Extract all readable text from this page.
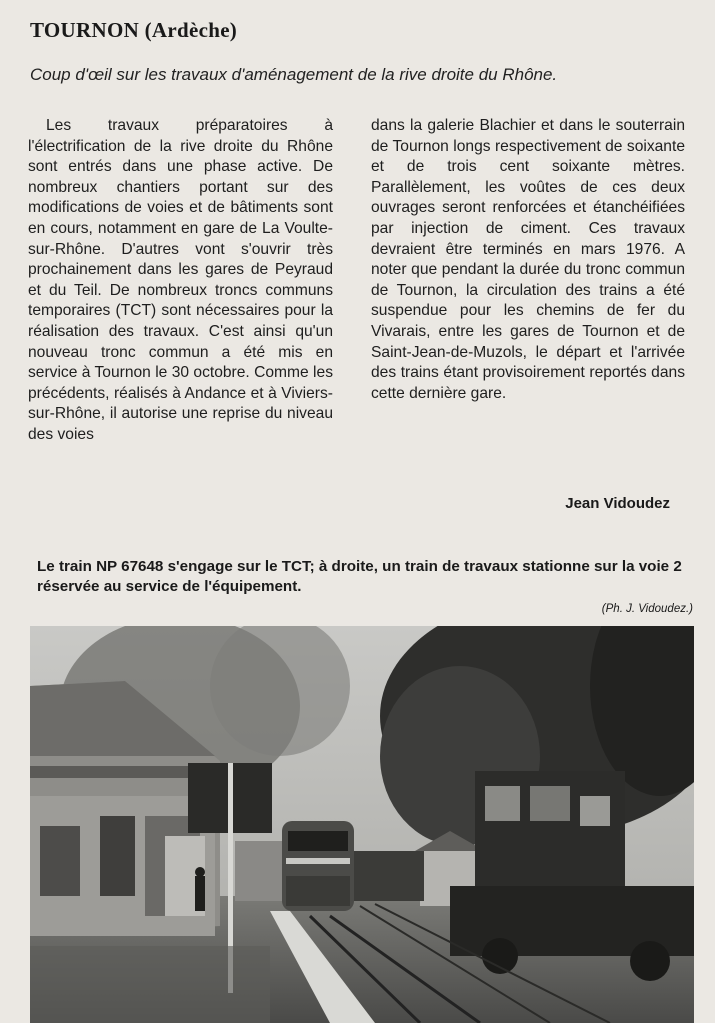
TOURNON (Ardèche)

Coup d'œil sur les travaux d'aménagement de la rive droite du Rhône.

Les travaux préparatoires à l'électrification de la rive droite du Rhône sont entrés dans une phase active. De nombreux chantiers portant sur des modifications de voies et de bâtiments sont en cours, notamment en gare de La Voulte-sur-Rhône. D'autres vont s'ouvrir très prochainement dans les gares de Peyraud et du Teil. De nombreux troncs communs temporaires (TCT) sont nécessaires pour la réalisation des travaux. C'est ainsi qu'un nouveau tronc commun a été mis en service à Tournon le 30 octobre. Comme les précédents, réalisés à Andance et à Viviers-sur-Rhône, il autorise une reprise du niveau des voies
dans la galerie Blachier et dans le souterrain de Tournon longs respectivement de soixante et de trois cent soixante mètres. Parallèlement, les voûtes de ces deux ouvrages seront renforcées et étanchéifiées par injection de ciment. Ces travaux devraient être terminés en mars 1976. A noter que pendant la durée du tronc commun de Tournon, la circulation des trains a été suspendue pour les chemins de fer du Vivarais, entre les gares de Tournon et de Saint-Jean-de-Muzols, le départ et l'arrivée des trains étant provisoirement reportés dans cette dernière gare.
Jean Vidoudez

Le train NP 67648 s'engage sur le TCT; à droite, un train de travaux stationne sur la voie 2 réservée au service de l'équipement.

(Ph. J. Vidoudez.)
